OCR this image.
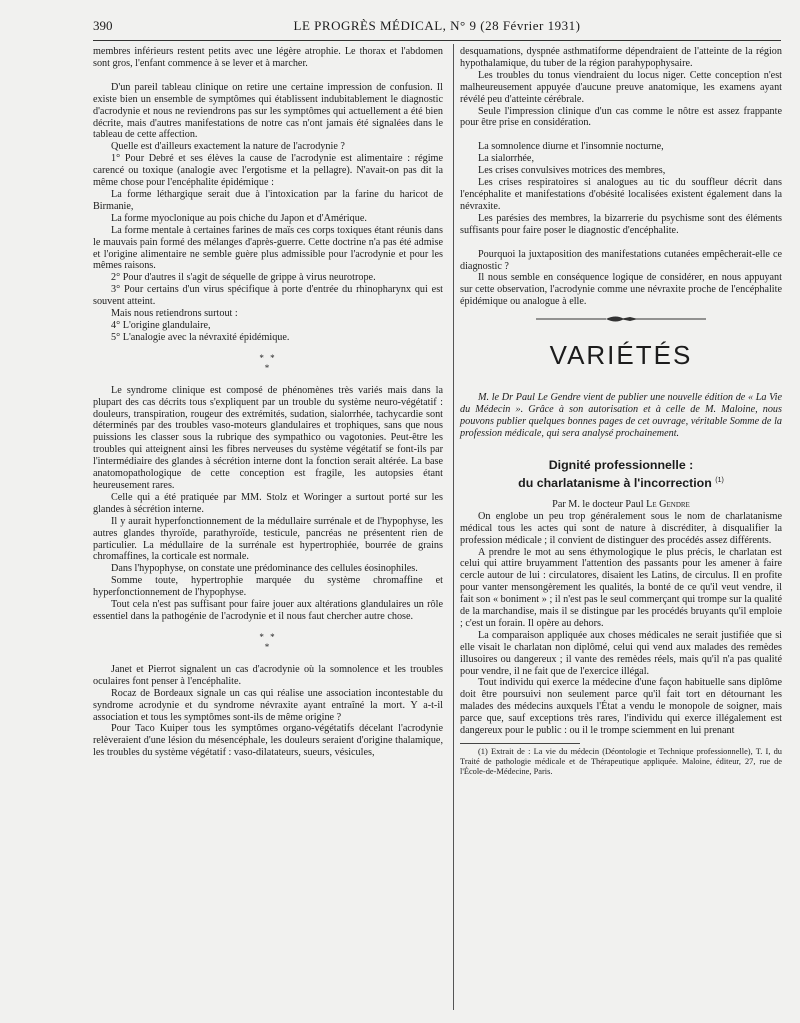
390	LE PROGRÈS MÉDICAL, N° 9 (28 Février 1931)

membres inférieurs restent petits avec une légère atrophie. Le thorax et l'abdomen sont gros, l'enfant commence à se lever et à marcher.

D'un pareil tableau clinique on retire une certaine impression de confusion. Il existe bien un ensemble de symptômes qui établissent indubitablement le diagnostic d'acrodynie et nous ne reviendrons pas sur les symptômes qui actuellement a été bien décrite, mais d'autres manifestations de notre cas n'ont jamais été signalées dans le tableau de cette affection.

Quelle est d'ailleurs exactement la nature de l'acrodynie ?

1° Pour Debré et ses élèves la cause de l'acrodynie est alimentaire : régime carencé ou toxique (analogie avec l'ergotisme et la pellagre). N'avait-on pas dit la même chose pour l'encéphalite épidémique :

La forme léthargique serait due à l'intoxication par la farine du haricot de Birmanie,

La forme myoclonique au pois chiche du Japon et d'Amérique.

La forme mentale à certaines farines de maïs ces corps toxiques étant réunis dans le mauvais pain formé des mélanges d'après-guerre. Cette doctrine n'a pas été admise et l'origine alimentaire ne semble guère plus admissible pour l'acrodynie et pour les mêmes raisons.

2° Pour d'autres il s'agit de séquelle de grippe à virus neurotrope.

3° Pour certains d'un virus spécifique à porte d'entrée du rhinopharynx qui est souvent atteint.

Mais nous retiendrons surtout :

4° L'origine glandulaire,

5° L'analogie avec la névraxité épidémique.

* *
*

Le syndrome clinique est composé de phénomènes très variés mais dans la plupart des cas décrits tous s'expliquent par un trouble du système neuro-végétatif : douleurs, transpiration, rougeur des extrémités, sudation, sialorrhée, tachycardie sont déterminés par des troubles vaso-moteurs glandulaires et trophiques, sans que nous puissions les classer sous la rubrique des sympathico ou vagotonies. Peut-être les troubles qui atteignent ainsi les fibres nerveuses du système végétatif se font-ils par l'intermédiaire des glandes à sécrétion interne dont la fonction serait altérée. La base anatomopathologique de cette conception est fragile, les autopsies étant heureusement rares.

Celle qui a été pratiquée par MM. Stolz et Woringer a surtout porté sur les glandes à sécrétion interne.

Il y aurait hyperfonctionnement de la médullaire surrénale et de l'hypophyse, les autres glandes thyroïde, parathyroïde, testicule, pancréas ne présentent rien de particulier. La médullaire de la surrénale est hypertrophiée, bourrée de grains chromaffines, la corticale est normale.

Dans l'hypophyse, on constate une prédominance des cellules éosinophiles.

Somme toute, hypertrophie marquée du système chromaffine et hyperfonctionnement de l'hypophyse.

Tout cela n'est pas suffisant pour faire jouer aux altérations glandulaires un rôle essentiel dans la pathogénie de l'acrodynie et il nous faut chercher autre chose.

* *
*

Janet et Pierrot signalent un cas d'acrodynie où la somnolence et les troubles oculaires font penser à l'encéphalite.

Rocaz de Bordeaux signale un cas qui réalise une association incontestable du syndrome acrodynie et du syndrome névraxite ayant entraîné la mort. Y a-t-il association et tous les symptômes sont-ils de même origine ?

Pour Taco Kuiper tous les symptômes organo-végétatifs décelant l'acrodynie relèveraient d'une lésion du mésencéphale, les douleurs seraient d'origine thalamique, les troubles du système végétatif : vaso-dilatateurs, sueurs, vésicules,

desquamations, dyspnée asthmatiforme dépendraient de l'atteinte de la région hypothalamique, du tuber de la région parahypophysaire.

Les troubles du tonus viendraient du locus niger. Cette conception n'est malheureusement appuyée d'aucune preuve anatomique, les examens ayant révélé peu d'atteinte cérébrale.

Seule l'impression clinique d'un cas comme le nôtre est assez frappante pour être prise en considération.

La somnolence diurne et l'insomnie nocturne,

La sialorrhée,

Les crises convulsives motrices des membres,

Les crises respiratoires si analogues au tic du souffleur décrit dans l'encéphalite et manifestations d'obésité localisées existent également dans la névraxite.

Les parésies des membres, la bizarrerie du psychisme sont des éléments suffisants pour faire poser le diagnostic d'encéphalite.

Pourquoi la juxtaposition des manifestations cutanées empêcherait-elle ce diagnostic ?

Il nous semble en conséquence logique de considérer, en nous appuyant sur cette observation, l'acrodynie comme une névraxite proche de l'encéphalite épidémique ou analogue à elle.

VARIÉTÉS

M. le Dr Paul Le Gendre vient de publier une nouvelle édition de « La Vie du Médecin ». Grâce à son autorisation et à celle de M. Maloine, nous pouvons publier quelques bonnes pages de cet ouvrage, véritable Somme de la profession médicale, qui sera analysé prochainement.

Dignité professionnelle :
du charlatanisme à l'incorrection $^{(1)}$

Par M. le docteur Paul Le Gendre

On englobe un peu trop généralement sous le nom de charlatanisme médical tous les actes qui sont de nature à discréditer, à disqualifier la profession médicale ; il convient de distinguer des procédés assez différents.

A prendre le mot au sens éthymologique le plus précis, le charlatan est celui qui attire bruyamment l'attention des passants pour les amener à faire cercle autour de lui : circulatores, disaient les Latins, de circulus. Il en profite pour vanter mensongèrement les qualités, la bonté de ce qu'il veut vendre, il fait son « boniment » ; il n'est pas le seul commerçant qui trompe sur la qualité de la marchandise, mais il se distingue par les procédés bruyants qu'il emploie ; c'est un forain. Il opère au dehors.

La comparaison appliquée aux choses médicales ne serait justifiée que si elle visait le charlatan non diplômé, celui qui vend aux malades des remèdes illusoires ou dangereux ; il vante des remèdes réels, mais qu'il n'a pas qualité pour vendre, il ne fait que de l'exercice illégal.

Tout individu qui exerce la médecine d'une façon habituelle sans diplôme doit être poursuivi non seulement parce qu'il fait tort en détournant les malades des médecins auxquels l'État a vendu le monopole de soigner, mais parce que, sauf exceptions très rares, l'individu qui exerce illégalement est dangereux pour le public : ou il le trompe sciemment en lui prenant

(1) Extrait de : La vie du médecin (Déontologie et Technique professionnelle), T. I, du Traité de pathologie médicale et de Thérapeutique appliquée. Maloine, éditeur, 27, rue de l'École-de-Médecine, Paris.
